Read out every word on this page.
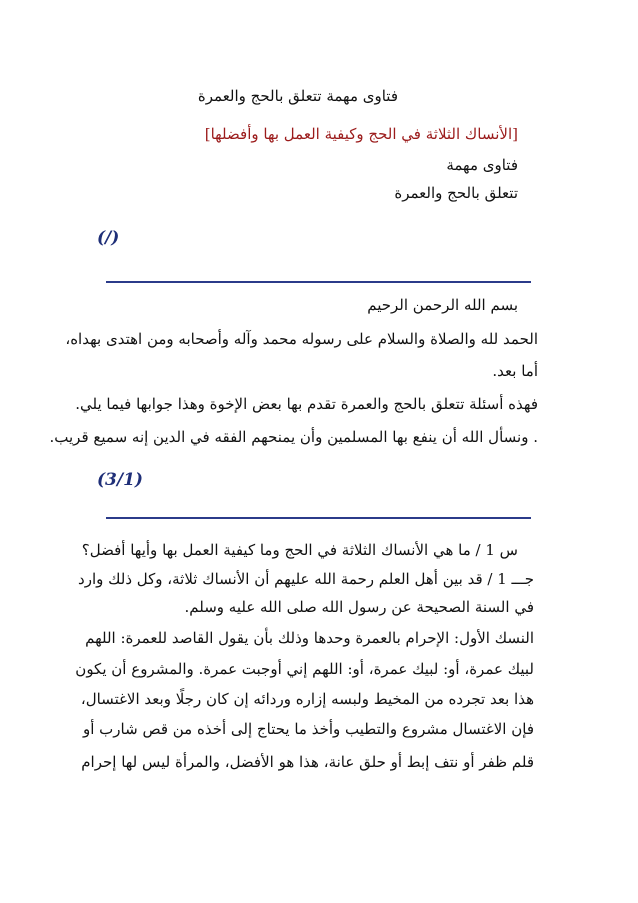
فتاوى مهمة تتعلق بالحج والعمرة
[الأنساك الثلاثة في الحج وكيفية العمل بها وأفضلها]
فتاوى مهمة
تتعلق بالحج والعمرة
(/)
بسم الله الرحمن الرحيم
الحمد لله والصلاة والسلام على رسوله محمد وآله وأصحابه ومن اهتدى بهداه،
أما بعد.
فهذه أسئلة تتعلق بالحج والعمرة تقدم بها بعض الإخوة وهذا جوابها فيما يلي.
. ونسأل الله أن ينفع بها المسلمين وأن يمنحهم الفقه في الدين إنه سميع قريب.
(3/1)
س 1 / ما هي الأنساك الثلاثة في الحج وما كيفية العمل بها وأيها أفضل؟
جـــ 1 / قد بين أهل العلم رحمة الله عليهم أن الأنساك ثلاثة، وكل ذلك وارد
في السنة الصحيحة عن رسول الله صلى الله عليه وسلم.
النسك الأول: الإحرام بالعمرة وحدها وذلك بأن يقول القاصد للعمرة: اللهم
لبيك عمرة، أو: لبيك عمرة، أو: اللهم إني أوجبت عمرة. والمشروع أن يكون
هذا بعد تجرده من المخيط ولبسه إزاره وردائه إن كان رجلًا وبعد الاغتسال،
فإن الاغتسال مشروع والتطيب وأخذ ما يحتاج إلى أخذه من قص شارب أو
قلم ظفر أو نتف إبط أو حلق عانة، هذا هو الأفضل، والمرأة ليس لها إحرام
